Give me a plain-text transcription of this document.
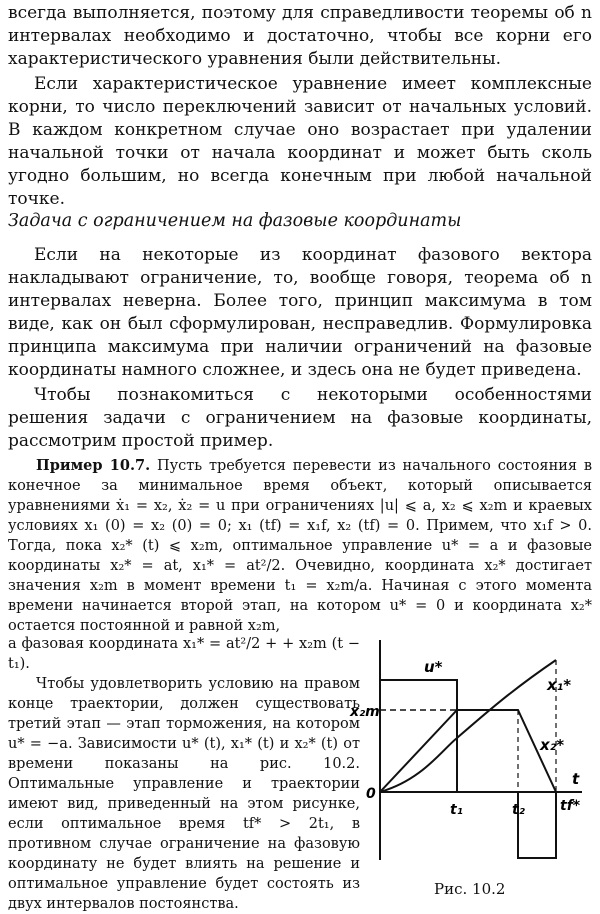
всегда выполняется, поэтому для справедливости теоремы об n интервалах необходимо и достаточно, чтобы все корни его характеристического уравнения были действительны.

Если характеристическое уравнение имеет комплексные корни, то число переключений зависит от начальных условий. В каждом конкретном случае оно возрастает при удалении начальной точки от начала координат и может быть сколь угодно большим, но всегда конечным при любой начальной точке.

Задача с ограничением на фазовые координаты

Если на некоторые из координат фазового вектора накладывают ограничение, то, вообще говоря, теорема об n интервалах неверна. Более того, принцип максимума в том виде, как он был сформулирован, несправедлив. Формулировка принципа максимума при наличии ограничений на фазовые координаты намного сложнее, и здесь она не будет приведена.

Чтобы познакомиться с некоторыми особенностями решения задачи с ограничением на фазовые координаты, рассмотрим простой пример.

Пример 10.7. Пусть требуется перевести из начального состояния в конечное за минимальное время объект, который описывается уравнениями ẋ₁ = x₂, ẋ₂ = u при ограничениях |u| ⩽ a, x₂ ⩽ x₂m и краевых условиях x₁ (0) = x₂ (0) = 0; x₁ (tf) = x₁f, x₂ (tf) = 0. Примем, что x₁f > 0. Тогда, пока x₂* (t) ⩽ x₂m, оптимальное управление u* = a и фазовые координаты x₂* = at, x₁* = at²/2. Очевидно, координата x₂* достигает значения x₂m в момент времени t₁ = x₂m/a. Начиная с этого момента времени начинается второй этап, на котором u* = 0 и координата x₂* остается постоянной и равной x₂m,

а фазовая координата x₁* = at²/2 + + x₂m (t − t₁).

Чтобы удовлетворить условию на правом конце траектории, должен существовать третий этап — этап торможения, на котором u* = −a. Зависимости u* (t), x₁* (t) и x₂* (t) от времени показаны на рис. 10.2. Оптимальные управление и траектории имеют вид, приведенный на этом рисунке, если оптимальное время tf* > 2t₁, в противном случае ограничение на фазовую координату не будет влиять на решение и оптимальное управление будет состоять из двух интервалов постоянства.

u*
x₁*
x₂*
x₂m
t
0
t₁	t₂	tf*
Рис. 10.2
